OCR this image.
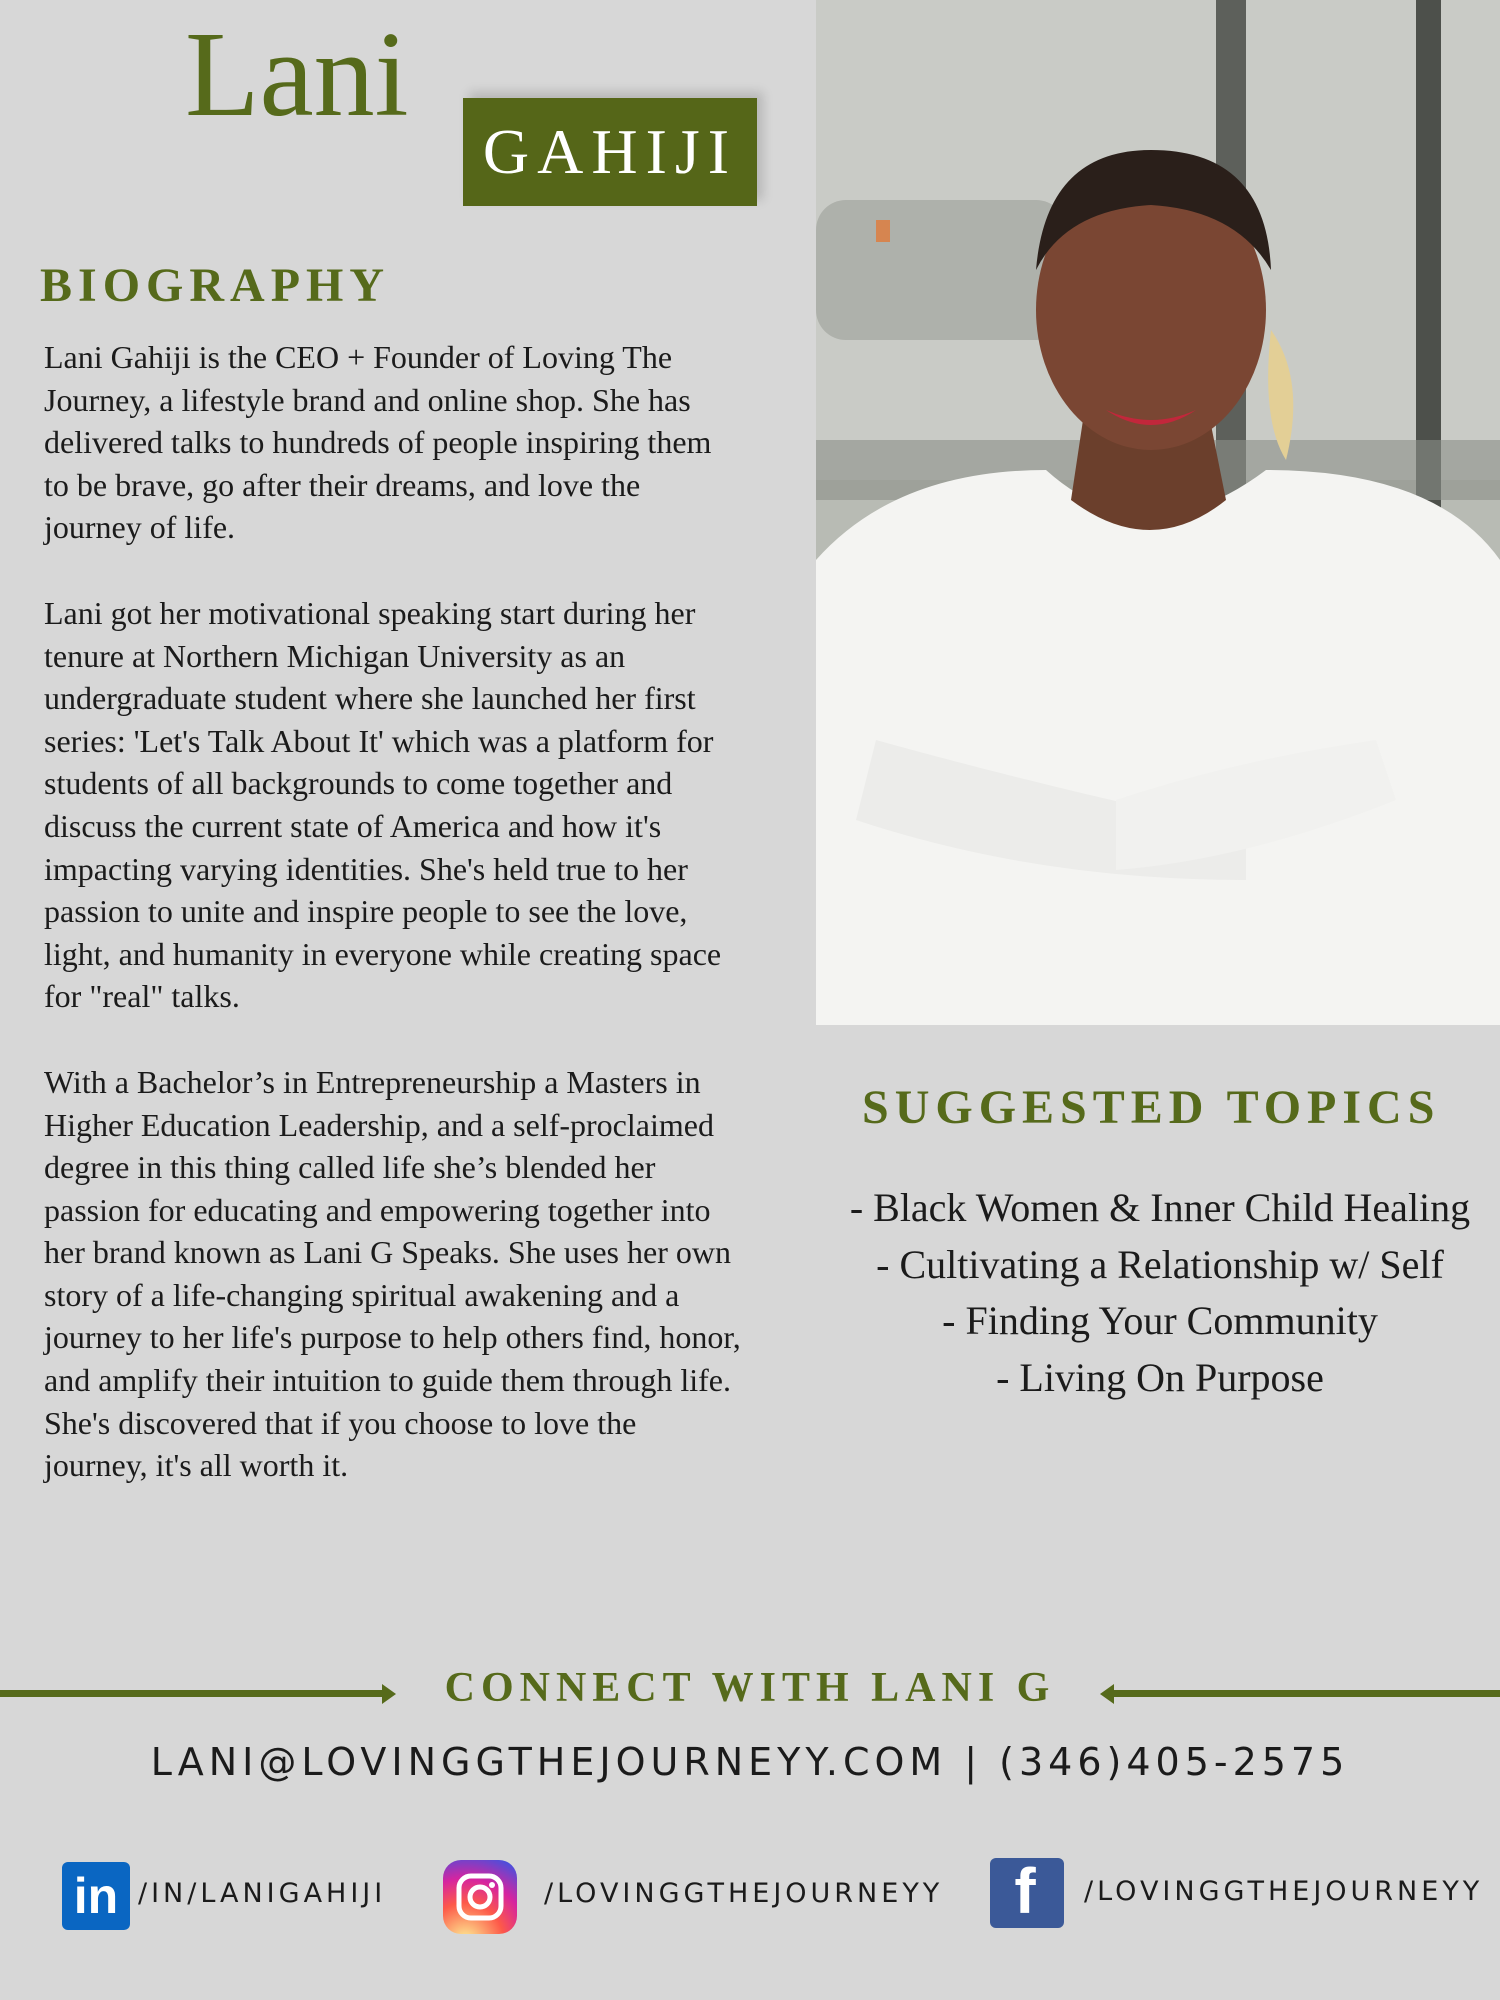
Lani
GAHIJI
BIOGRAPHY

Lani Gahiji is the CEO + Founder of Loving The Journey, a lifestyle brand and online shop. She has delivered talks to hundreds of people inspiring them to be brave, go after their dreams, and love the journey of life.

Lani got her motivational speaking start during her tenure at Northern Michigan University as an undergraduate student where she launched her first series: 'Let's Talk About It' which was a platform for students of all backgrounds to come together and discuss the current state of America and how it's impacting varying identities. She's held true to her passion to unite and inspire people to see the love, light, and humanity in everyone while creating space for "real" talks.

With a Bachelor’s in Entrepreneurship a Masters in Higher Education Leadership, and a self-proclaimed degree in this thing called life she’s blended her passion for educating and empowering together into her brand known as Lani G Speaks. She uses her own story of a life-changing spiritual awakening and a journey to her life's purpose to help others find, honor, and amplify their intuition to guide them through life. She's discovered that if you choose to love the journey, it's all worth it.

SUGGESTED TOPICS
- Black Women & Inner Child Healing
- Cultivating a Relationship w/ Self
- Finding Your Community
- Living On Purpose
CONNECT WITH LANI G
LANI@LOVINGGTHEJOURNEYY.COM | (346)405-2575
in /IN/LANIGAHIJI	/LOVINGGTHEJOURNEYY	f	/LOVINGGTHEJOURNEYY
